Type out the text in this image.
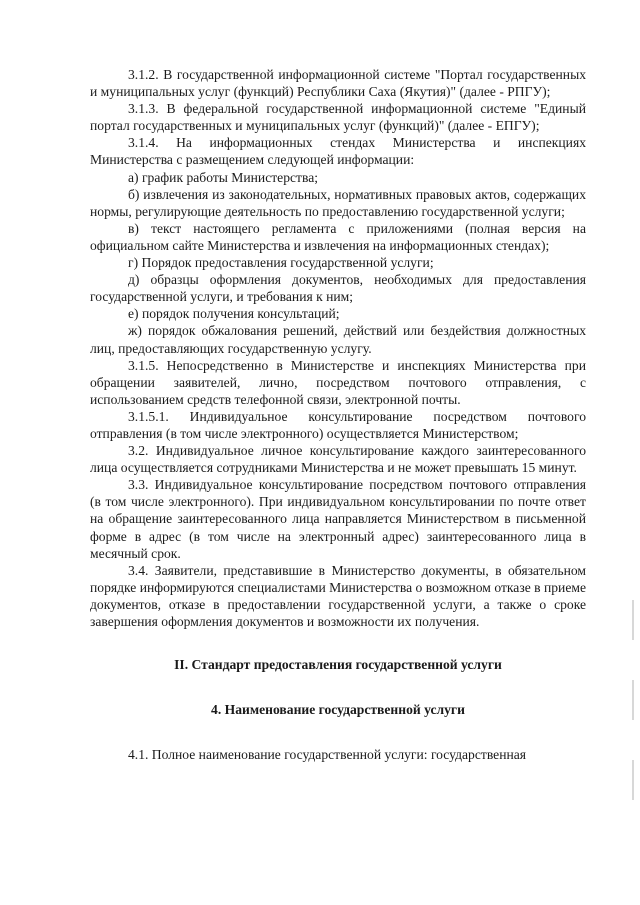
3.1.2. В государственной информационной системе "Портал государственных и муниципальных услуг (функций) Республики Саха (Якутия)" (далее - РПГУ);

3.1.3. В федеральной государственной информационной системе "Единый портал государственных и муниципальных услуг (функций)" (далее - ЕПГУ);

3.1.4. На информационных стендах Министерства и инспекциях Министерства с размещением следующей информации:

а) график работы Министерства;

б) извлечения из законодательных, нормативных правовых актов, содержащих нормы, регулирующие деятельность по предоставлению государственной услуги;

в) текст настоящего регламента с приложениями (полная версия на официальном сайте Министерства и извлечения на информационных стендах);

г) Порядок предоставления государственной услуги;

д) образцы оформления документов, необходимых для предоставления государственной услуги, и требования к ним;

е) порядок получения консультаций;

ж) порядок обжалования решений, действий или бездействия должностных лиц, предоставляющих государственную услугу.

3.1.5. Непосредственно в Министерстве и инспекциях Министерства при обращении заявителей, лично, посредством почтового отправления, с использованием средств телефонной связи, электронной почты.

3.1.5.1. Индивидуальное консультирование посредством почтового отправления (в том числе электронного) осуществляется Министерством;

3.2. Индивидуальное личное консультирование каждого заинтересованного лица осуществляется сотрудниками Министерства и не может превышать 15 минут.

3.3. Индивидуальное консультирование посредством почтового отправления (в том числе электронного). При индивидуальном консультировании по почте ответ на обращение заинтересованного лица направляется Министерством в письменной форме в адрес (в том числе на электронный адрес) заинтересованного лица в месячный срок.

3.4. Заявители, представившие в Министерство документы, в обязательном порядке информируются специалистами Министерства о возможном отказе в приеме документов, отказе в предоставлении государственной услуги, а также о сроке завершения оформления документов и возможности их получения.

II. Стандарт предоставления государственной услуги

4. Наименование государственной услуги

4.1. Полное наименование государственной услуги: государственная
